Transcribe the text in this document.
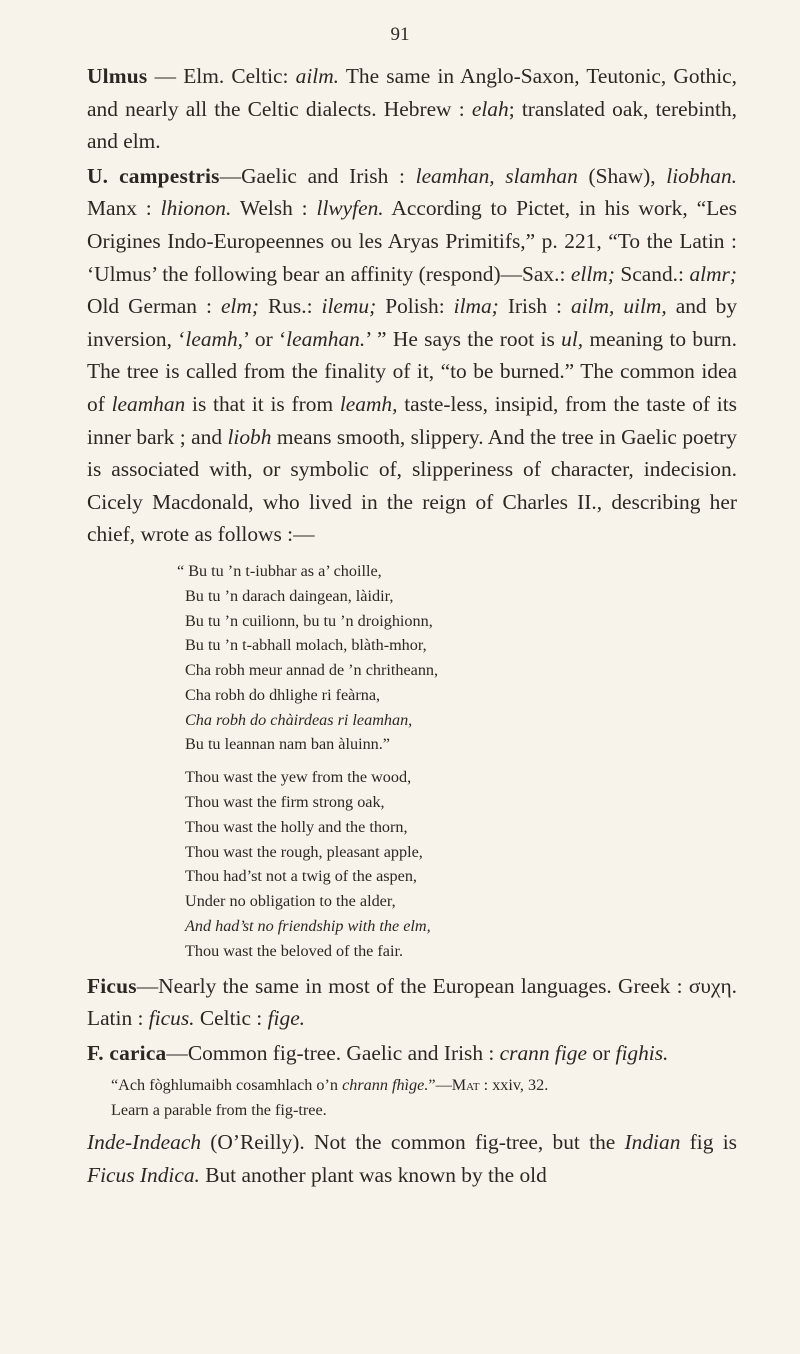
91

Ulmus — Elm. Celtic: ailm. The same in Anglo-Saxon, Teutonic, Gothic, and nearly all the Celtic dialects. Hebrew : elah; translated oak, terebinth, and elm.

U. campestris—Gaelic and Irish : leamhan, slamhan (Shaw), liobhan. Manx : lhionon. Welsh : llwyfen. According to Pictet, in his work, “Les Origines Indo-Europeennes ou les Aryas Primitifs,” p. 221, “To the Latin : ‘Ulmus’ the following bear an affinity (respond)—Sax.: ellm; Scand.: almr; Old German : elm; Rus.: ilemu; Polish: ilma; Irish : ailm, uilm, and by inversion, ‘leamh,’ or ‘leamhan.’ ” He says the root is ul, meaning to burn. The tree is called from the finality of it, “to be burned.” The common idea of leamhan is that it is from leamh, taste-less, insipid, from the taste of its inner bark ; and liobh means smooth, slippery. And the tree in Gaelic poetry is associated with, or symbolic of, slipperiness of character, indecision. Cicely Macdonald, who lived in the reign of Charles II., describing her chief, wrote as follows :—

“ Bu tu ’n t-iubhar as a’ choille,
Bu tu ’n darach daingean, làidir,
Bu tu ’n cuilionn, bu tu ’n droighionn,
Bu tu ’n t-abhall molach, blàth-mhor,
Cha robh meur annad de ’n chritheann,
Cha robh do dhlighe ri feàrna,
Cha robh do chàirdeas ri leamhan,
Bu tu leannan nam ban àluinn.”
Thou wast the yew from the wood,
Thou wast the firm strong oak,
Thou wast the holly and the thorn,
Thou wast the rough, pleasant apple,
Thou had’st not a twig of the aspen,
Under no obligation to the alder,
And had’st no friendship with the elm,
Thou wast the beloved of the fair.

Ficus—Nearly the same in most of the European languages. Greek : συχη. Latin : ficus. Celtic : fige.

F. carica—Common fig-tree. Gaelic and Irish : crann fige or fighis.

“Ach fòghlumaibh cosamhlach o’n chrann fhìge.”—Mat : xxiv, 32.
Learn a parable from the fig-tree.

Inde-Indeach (O’Reilly). Not the common fig-tree, but the Indian fig is Ficus Indica. But another plant was known by the old
